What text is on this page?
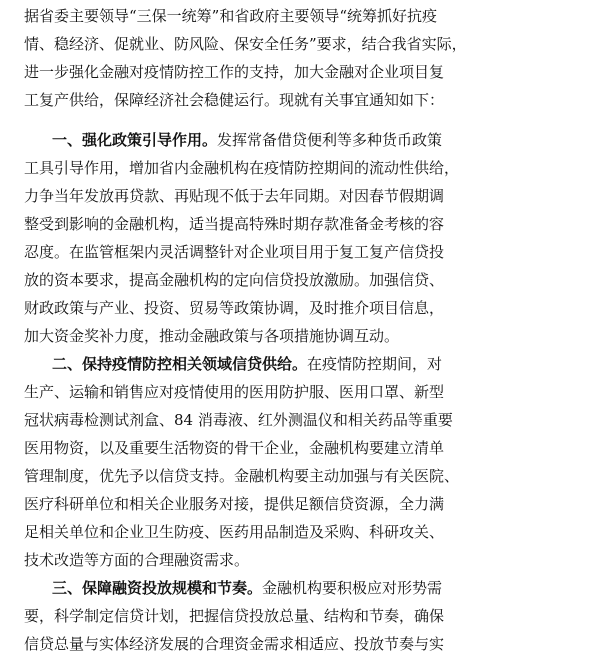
据省委主要领导“三保一统筹”和省政府主要领导“统筹抓好抗疫
情、稳经济、促就业、防风险、保安全任务”要求，结合我省实际，
进一步强化金融对疫情防控工作的支持，加大金融对企业项目复
工复产供给，保障经济社会稳健运行。现就有关事宜通知如下：
一、强化政策引导作用。发挥常备借贷便利等多种货币政策
工具引导作用，增加省内金融机构在疫情防控期间的流动性供给，
力争当年发放再贷款、再贴现不低于去年同期。对因春节假期调
整受到影响的金融机构，适当提高特殊时期存款准备金考核的容
忍度。在监管框架内灵活调整针对企业项目用于复工复产信贷投
放的资本要求，提高金融机构的定向信贷投放激励。加强信贷、
财政政策与产业、投资、贸易等政策协调，及时推介项目信息，
加大资金奖补力度，推动金融政策与各项措施协调互动。
二、保持疫情防控相关领域信贷供给。在疫情防控期间，对
生产、运输和销售应对疫情使用的医用防护服、医用口罩、新型
冠状病毒检测试剂盒、84 消毒液、红外测温仪和相关药品等重要
医用物资，以及重要生活物资的骨干企业，金融机构要建立清单
管理制度，优先予以信贷支持。金融机构要主动加强与有关医院、
医疗科研单位和相关企业服务对接，提供足额信贷资源，全力满
足相关单位和企业卫生防疫、医药用品制造及采购、科研攻关、
技术改造等方面的合理融资需求。
三、保障融资投放规模和节奏。金融机构要积极应对形势需
要，科学制定信贷计划，把握信贷投放总量、结构和节奏，确保
信贷总量与实体经济发展的合理资金需求相适应、投放节奏与实
